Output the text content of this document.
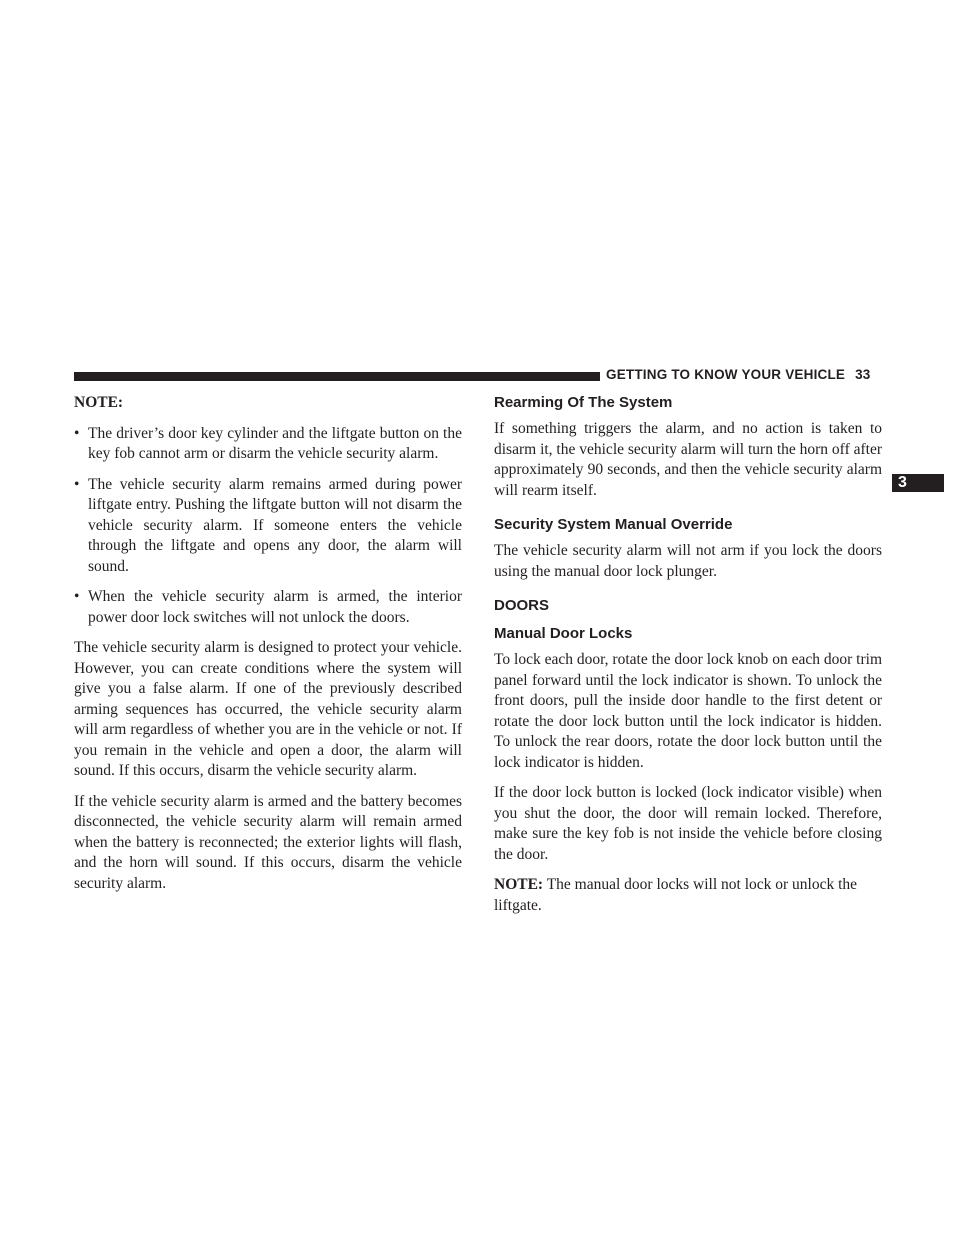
GETTING TO KNOW YOUR VEHICLE 33
3

NOTE:

• The driver’s door key cylinder and the liftgate button on the key fob cannot arm or disarm the vehicle security alarm.
• The vehicle security alarm remains armed during power liftgate entry. Pushing the liftgate button will not disarm the vehicle security alarm. If someone enters the vehicle through the liftgate and opens any door, the alarm will sound.
• When the vehicle security alarm is armed, the interior power door lock switches will not unlock the doors.

The vehicle security alarm is designed to protect your vehicle. However, you can create conditions where the system will give you a false alarm. If one of the previously described arming sequences has occurred, the vehicle security alarm will arm regardless of whether you are in the vehicle or not. If you remain in the vehicle and open a door, the alarm will sound. If this occurs, disarm the vehicle security alarm.

If the vehicle security alarm is armed and the battery becomes disconnected, the vehicle security alarm will remain armed when the battery is reconnected; the exterior lights will flash, and the horn will sound. If this occurs, disarm the vehicle security alarm.

Rearming Of The System

If something triggers the alarm, and no action is taken to disarm it, the vehicle security alarm will turn the horn off after approximately 90 seconds, and then the vehicle security alarm will rearm itself.

Security System Manual Override

The vehicle security alarm will not arm if you lock the doors using the manual door lock plunger.

DOORS
Manual Door Locks

To lock each door, rotate the door lock knob on each door trim panel forward until the lock indicator is shown. To unlock the front doors, pull the inside door handle to the first detent or rotate the door lock button until the lock indicator is hidden. To unlock the rear doors, rotate the door lock button until the lock indicator is hidden.

If the door lock button is locked (lock indicator visible) when you shut the door, the door will remain locked. Therefore, make sure the key fob is not inside the vehicle before closing the door.

NOTE: The manual door locks will not lock or unlock the liftgate.
